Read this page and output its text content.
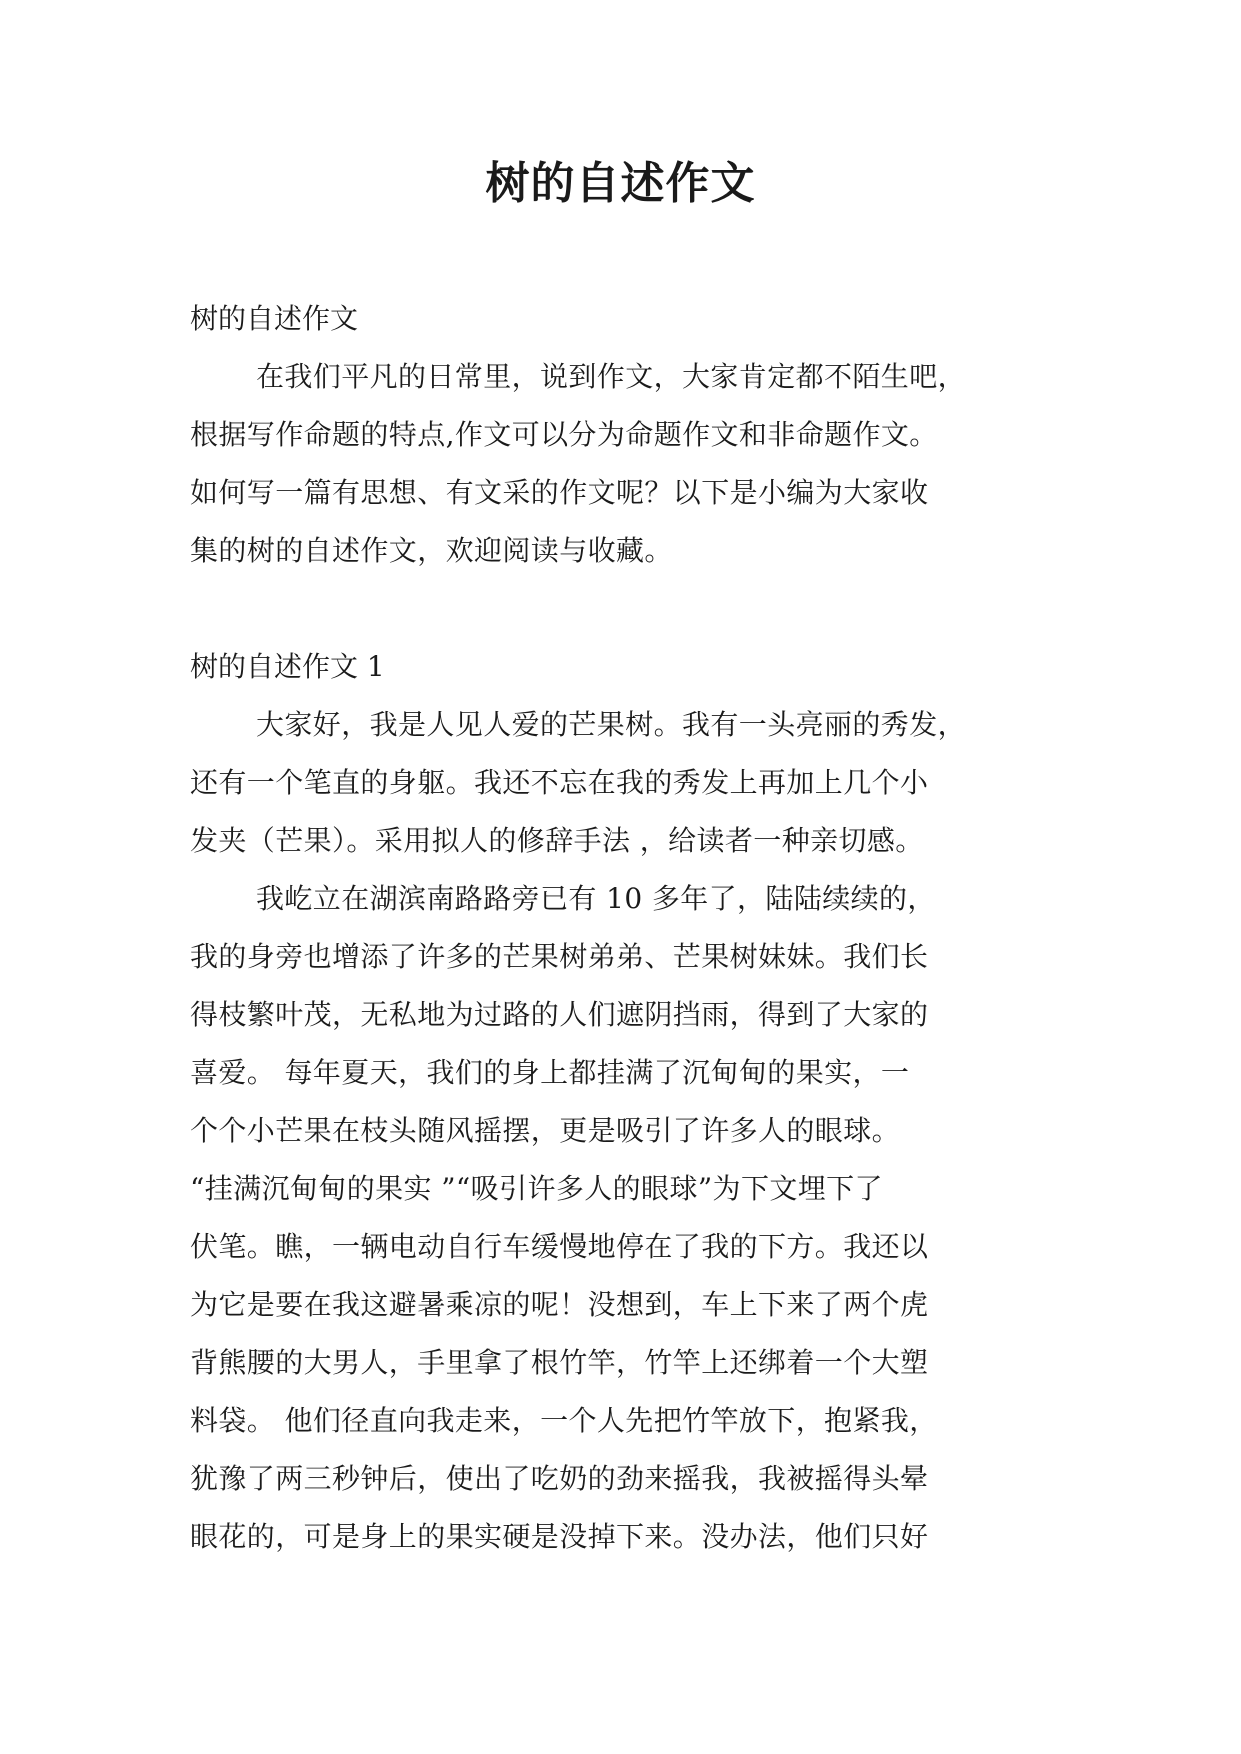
树的自述作文
树的自述作文
在我们平凡的日常里，说到作文，大家肯定都不陌生吧，
根据写作命题的特点,作文可以分为命题作文和非命题作文。
如何写一篇有思想、有文采的作文呢？以下是小编为大家收
集的树的自述作文，欢迎阅读与收藏。
树的自述作文 1
大家好，我是人见人爱的芒果树。我有一头亮丽的秀发，
还有一个笔直的身躯。我还不忘在我的秀发上再加上几个小
发夹（芒果）。采用拟人的修辞手法 ，给读者一种亲切感。
我屹立在湖滨南路路旁已有 10 多年了，陆陆续续的，
我的身旁也增添了许多的芒果树弟弟、芒果树妹妹。我们长
得枝繁叶茂，无私地为过路的人们遮阴挡雨，得到了大家的
喜爱。 每年夏天，我们的身上都挂满了沉甸甸的果实，一
个个小芒果在枝头随风摇摆，更是吸引了许多人的眼球。
“挂满沉甸甸的果实 ”“吸引许多人的眼球”为下文埋下了
伏笔。瞧，一辆电动自行车缓慢地停在了我的下方。我还以
为它是要在我这避暑乘凉的呢！没想到，车上下来了两个虎
背熊腰的大男人，手里拿了根竹竿，竹竿上还绑着一个大塑
料袋。 他们径直向我走来，一个人先把竹竿放下，抱紧我，
犹豫了两三秒钟后，使出了吃奶的劲来摇我，我被摇得头晕
眼花的，可是身上的果实硬是没掉下来。没办法，他们只好
